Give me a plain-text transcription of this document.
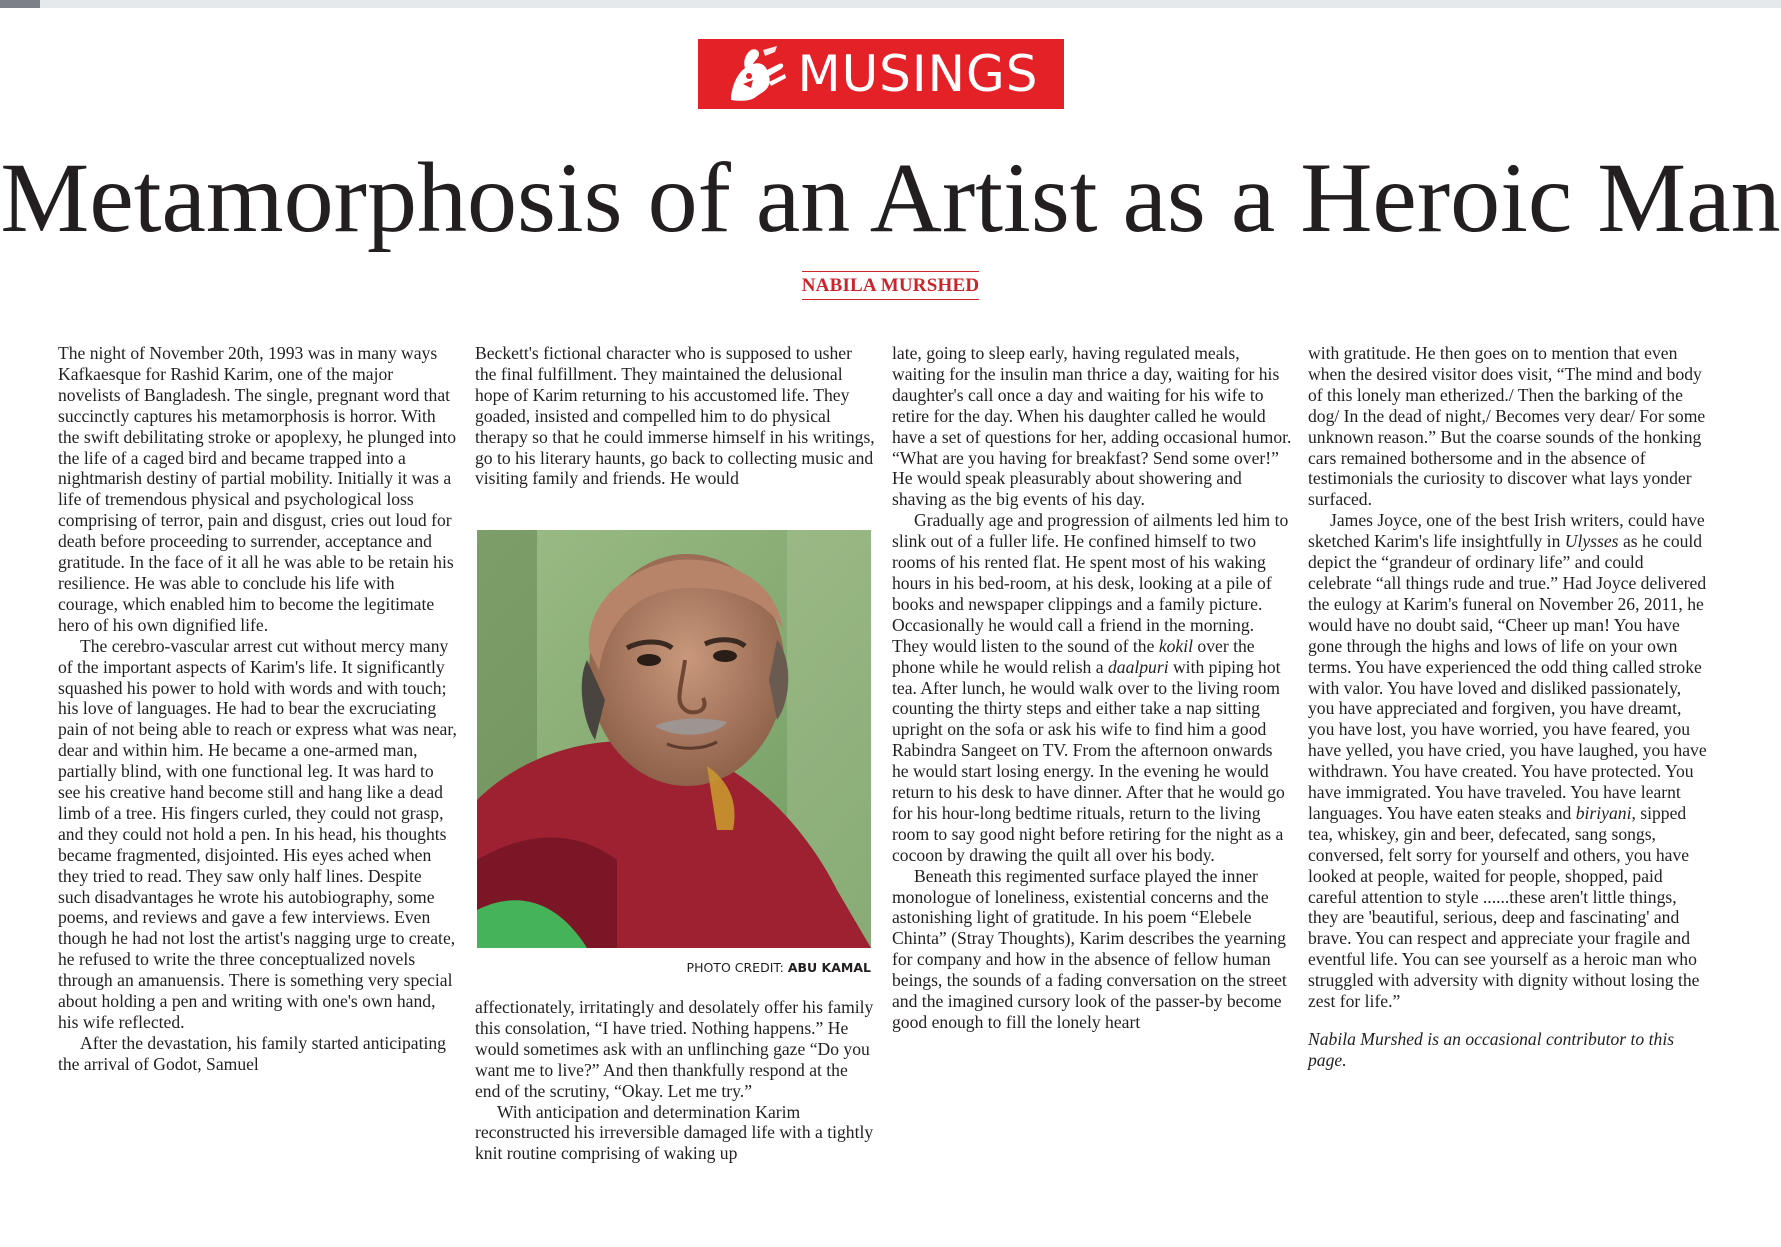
MUSINGS
Metamorphosis of an Artist as a Heroic Man
NABILA MURSHED

The night of November 20th, 1993 was in many ways Kafkaesque for Rashid Karim, one of the major novelists of Bangladesh. The single, pregnant word that succinctly captures his metamorphosis is horror. With the swift debilitating stroke or apoplexy, he plunged into the life of a caged bird and became trapped into a nightmarish destiny of partial mobility. Initially it was a life of tremendous physical and psychological loss comprising of terror, pain and disgust, cries out loud for death before proceeding to surrender, acceptance and gratitude. In the face of it all he was able to be retain his resilience. He was able to conclude his life with courage, which enabled him to become the legitimate hero of his own dignified life.

The cerebro-vascular arrest cut without mercy many of the important aspects of Karim's life. It significantly squashed his power to hold with words and with touch; his love of languages. He had to bear the excruciating pain of not being able to reach or express what was near, dear and within him. He became a one-armed man, partially blind, with one functional leg. It was hard to see his creative hand become still and hang like a dead limb of a tree. His fingers curled, they could not grasp, and they could not hold a pen. In his head, his thoughts became fragmented, disjointed. His eyes ached when they tried to read. They saw only half lines. Despite such disadvantages he wrote his autobiography, some poems, and reviews and gave a few interviews. Even though he had not lost the artist's nagging urge to create, he refused to write the three conceptualized novels through an amanuensis. There is something very special about holding a pen and writing with one's own hand, his wife reflected.

After the devastation, his family started anticipating the arrival of Godot, Samuel

Beckett's fictional character who is supposed to usher the final fulfillment. They maintained the delusional hope of Karim returning to his accustomed life. They goaded, insisted and compelled him to do physical therapy so that he could immerse himself in his writings, go to his literary haunts, go back to collecting music and visiting family and friends. He would

PHOTO CREDIT: ABU KAMAL

affectionately, irritatingly and desolately offer his family this consolation, “I have tried. Nothing happens.” He would sometimes ask with an unflinching gaze “Do you want me to live?” And then thankfully respond at the end of the scrutiny, “Okay. Let me try.”

With anticipation and determination Karim reconstructed his irreversible damaged life with a tightly knit routine comprising of waking up

late, going to sleep early, having regulated meals, waiting for the insulin man thrice a day, waiting for his daughter's call once a day and waiting for his wife to retire for the day. When his daughter called he would have a set of questions for her, adding occasional humor. “What are you having for breakfast? Send some over!” He would speak pleasurably about showering and shaving as the big events of his day.

Gradually age and progression of ailments led him to slink out of a fuller life. He confined himself to two rooms of his rented flat. He spent most of his waking hours in his bed-room, at his desk, looking at a pile of books and newspaper clippings and a family picture. Occasionally he would call a friend in the morning. They would listen to the sound of the kokil over the phone while he would relish a daalpuri with piping hot tea. After lunch, he would walk over to the living room counting the thirty steps and either take a nap sitting upright on the sofa or ask his wife to find him a good Rabindra Sangeet on TV. From the afternoon onwards he would start losing energy. In the evening he would return to his desk to have dinner. After that he would go for his hour-long bedtime rituals, return to the living room to say good night before retiring for the night as a cocoon by drawing the quilt all over his body.

Beneath this regimented surface played the inner monologue of loneliness, existential concerns and the astonishing light of gratitude. In his poem “Elebele Chinta” (Stray Thoughts), Karim describes the yearning for company and how in the absence of fellow human beings, the sounds of a fading conversation on the street and the imagined cursory look of the passer-by become good enough to fill the lonely heart

with gratitude. He then goes on to mention that even when the desired visitor does visit, “The mind and body of this lonely man etherized./ Then the barking of the dog/ In the dead of night,/ Becomes very dear/ For some unknown reason.” But the coarse sounds of the honking cars remained bothersome and in the absence of testimonials the curiosity to discover what lays yonder surfaced.

James Joyce, one of the best Irish writers, could have sketched Karim's life insightfully in Ulysses as he could depict the “grandeur of ordinary life” and could celebrate “all things rude and true.” Had Joyce delivered the eulogy at Karim's funeral on November 26, 2011, he would have no doubt said, “Cheer up man! You have gone through the highs and lows of life on your own terms. You have experienced the odd thing called stroke with valor. You have loved and disliked passionately, you have appreciated and forgiven, you have dreamt, you have lost, you have worried, you have feared, you have yelled, you have cried, you have laughed, you have withdrawn. You have created. You have protected. You have immigrated. You have traveled. You have learnt languages. You have eaten steaks and biriyani, sipped tea, whiskey, gin and beer, defecated, sang songs, conversed, felt sorry for yourself and others, you have looked at people, waited for people, shopped, paid careful attention to style ......these aren't little things, they are 'beautiful, serious, deep and fascinating' and brave. You can respect and appreciate your fragile and eventful life. You can see yourself as a heroic man who struggled with adversity with dignity without losing the zest for life.”

Nabila Murshed is an occasional contributor to this page.
